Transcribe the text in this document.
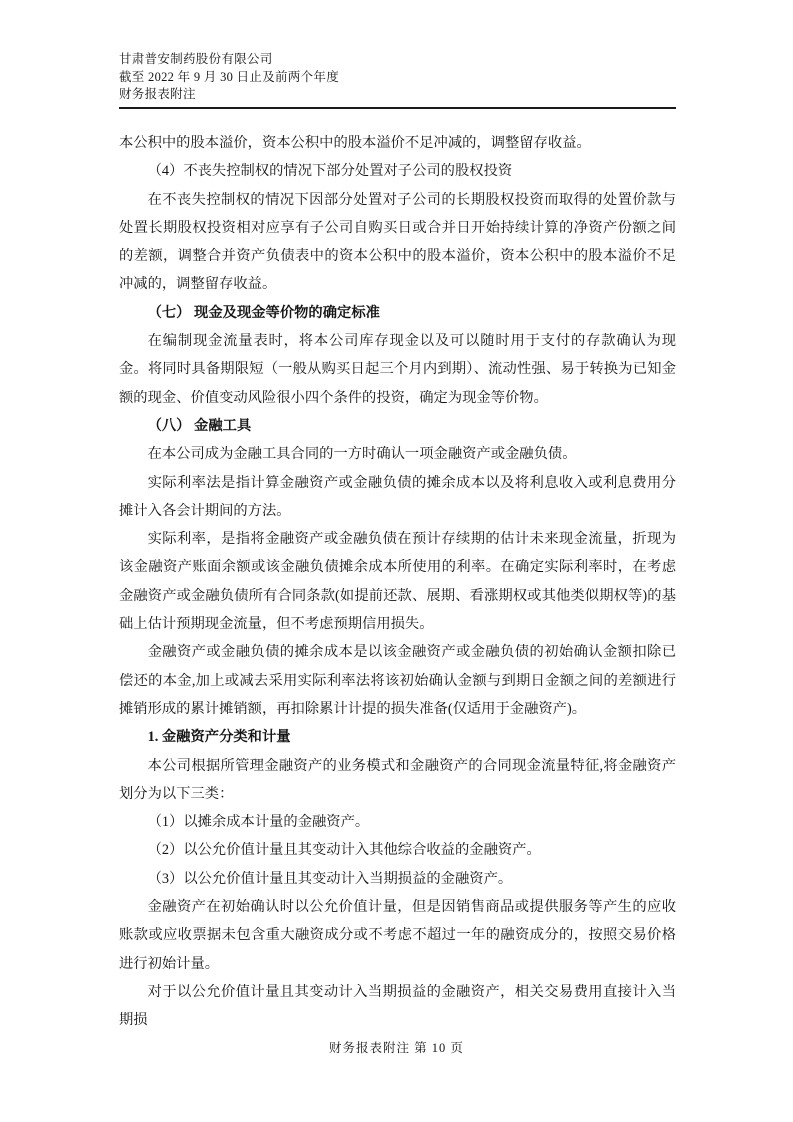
甘肃普安制药股份有限公司
截至 2022 年 9 月 30 日止及前两个年度
财务报表附注
本公积中的股本溢价，资本公积中的股本溢价不足冲减的，调整留存收益。
（4）不丧失控制权的情况下部分处置对子公司的股权投资
在不丧失控制权的情况下因部分处置对子公司的长期股权投资而取得的处置价款与处置长期股权投资相对应享有子公司自购买日或合并日开始持续计算的净资产份额之间的差额，调整合并资产负债表中的资本公积中的股本溢价，资本公积中的股本溢价不足冲减的，调整留存收益。
（七） 现金及现金等价物的确定标准
在编制现金流量表时，将本公司库存现金以及可以随时用于支付的存款确认为现金。将同时具备期限短（一般从购买日起三个月内到期）、流动性强、易于转换为已知金额的现金、价值变动风险很小四个条件的投资，确定为现金等价物。
（八） 金融工具
在本公司成为金融工具合同的一方时确认一项金融资产或金融负债。
实际利率法是指计算金融资产或金融负债的摊余成本以及将利息收入或利息费用分摊计入各会计期间的方法。
实际利率，是指将金融资产或金融负债在预计存续期的估计未来现金流量，折现为该金融资产账面余额或该金融负债摊余成本所使用的利率。在确定实际利率时，在考虑金融资产或金融负债所有合同条款(如提前还款、展期、看涨期权或其他类似期权等)的基础上估计预期现金流量，但不考虑预期信用损失。
金融资产或金融负债的摊余成本是以该金融资产或金融负债的初始确认金额扣除已偿还的本金,加上或减去采用实际利率法将该初始确认金额与到期日金额之间的差额进行摊销形成的累计摊销额，再扣除累计计提的损失准备(仅适用于金融资产)。
1. 金融资产分类和计量
本公司根据所管理金融资产的业务模式和金融资产的合同现金流量特征,将金融资产划分为以下三类：
（1）以摊余成本计量的金融资产。
（2）以公允价值计量且其变动计入其他综合收益的金融资产。
（3）以公允价值计量且其变动计入当期损益的金融资产。
金融资产在初始确认时以公允价值计量，但是因销售商品或提供服务等产生的应收账款或应收票据未包含重大融资成分或不考虑不超过一年的融资成分的，按照交易价格进行初始计量。
对于以公允价值计量且其变动计入当期损益的金融资产，相关交易费用直接计入当期损
财务报表附注 第 10 页
